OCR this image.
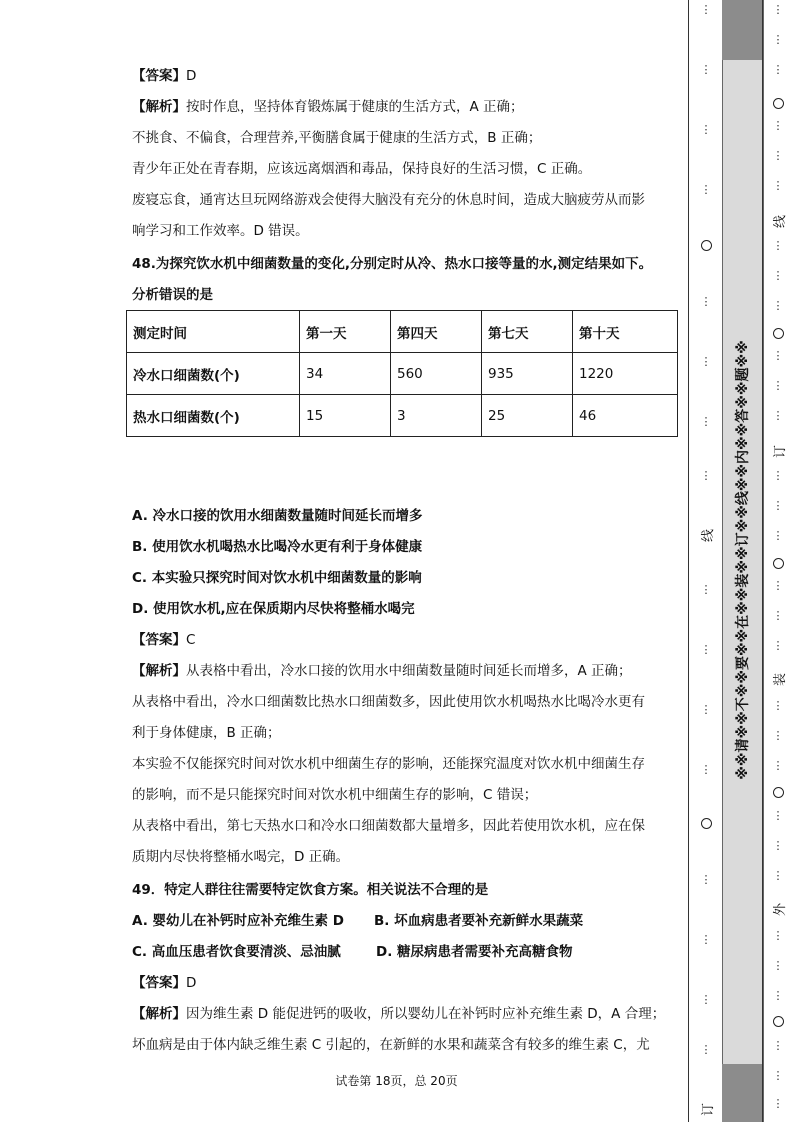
【答案】D
【解析】按时作息，坚持体育锻炼属于健康的生活方式，A 正确；
不挑食、不偏食，合理营养,平衡膳食属于健康的生活方式，B 正确；
青少年正处在青春期，应该远离烟酒和毒品，保持良好的生活习惯，C 正确。
废寝忘食，通宵达旦玩网络游戏会使得大脑没有充分的休息时间，造成大脑疲劳从而影
响学习和工作效率。D 错误。
48.为探究饮水机中细菌数量的变化,分别定时从冷、热水口接等量的水,测定结果如下。
分析错误的是
测定时间	第一天	第四天	第七天	第十天
冷水口细菌数(个)	34	560	935	1220
热水口细菌数(个)	15	3	25	46
A. 冷水口接的饮用水细菌数量随时间延长而增多
B. 使用饮水机喝热水比喝冷水更有利于身体健康
C. 本实验只探究时间对饮水机中细菌数量的影响
D. 使用饮水机,应在保质期内尽快将整桶水喝完
【答案】C
【解析】从表格中看出，冷水口接的饮用水中细菌数量随时间延长而增多，A 正确；
从表格中看出，冷水口细菌数比热水口细菌数多，因此使用饮水机喝热水比喝冷水更有
利于身体健康，B 正确；
本实验不仅能探究时间对饮水机中细菌生存的影响，还能探究温度对饮水机中细菌生存
的影响，而不是只能探究时间对饮水机中细菌生存的影响，C 错误；
从表格中看出，第七天热水口和冷水口细菌数都大量增多，因此若使用饮水机，应在保
质期内尽快将整桶水喝完，D 正确。
49．特定人群往往需要特定饮食方案。相关说法不合理的是
A. 婴幼儿在补钙时应补充维生素 D B. 坏血病患者要补充新鲜水果蔬菜
C. 高血压患者饮食要清淡、忌油腻	D. 糖尿病患者需要补充高糖食物
【答案】D
【解析】因为维生素 D 能促进钙的吸收，所以婴幼儿在补钙时应补充维生素 D，A 合理；
坏血病是由于体内缺乏维生素 C 引起的，在新鲜的水果和蔬菜含有较多的维生素 C，尤
试卷第 18页，总 20页
※※请※※不※※要※※在※※装※※订※※线※※内※※答※※题※※
⋮
⋮
⋮
⋮
⋮
⋮
⋮
⋮
线
⋮
⋮
⋮
⋮
⋮
⋮
⋮
⋮
订
⋮
⋮
⋮
⋮
⋮
⋮
线
⋮
⋮
⋮
⋮
⋮
⋮
订
⋮
⋮
⋮
⋮
⋮
⋮
装
⋮
⋮
⋮
⋮
⋮
⋮
外
⋮
⋮
⋮
⋮
⋮
⋮
